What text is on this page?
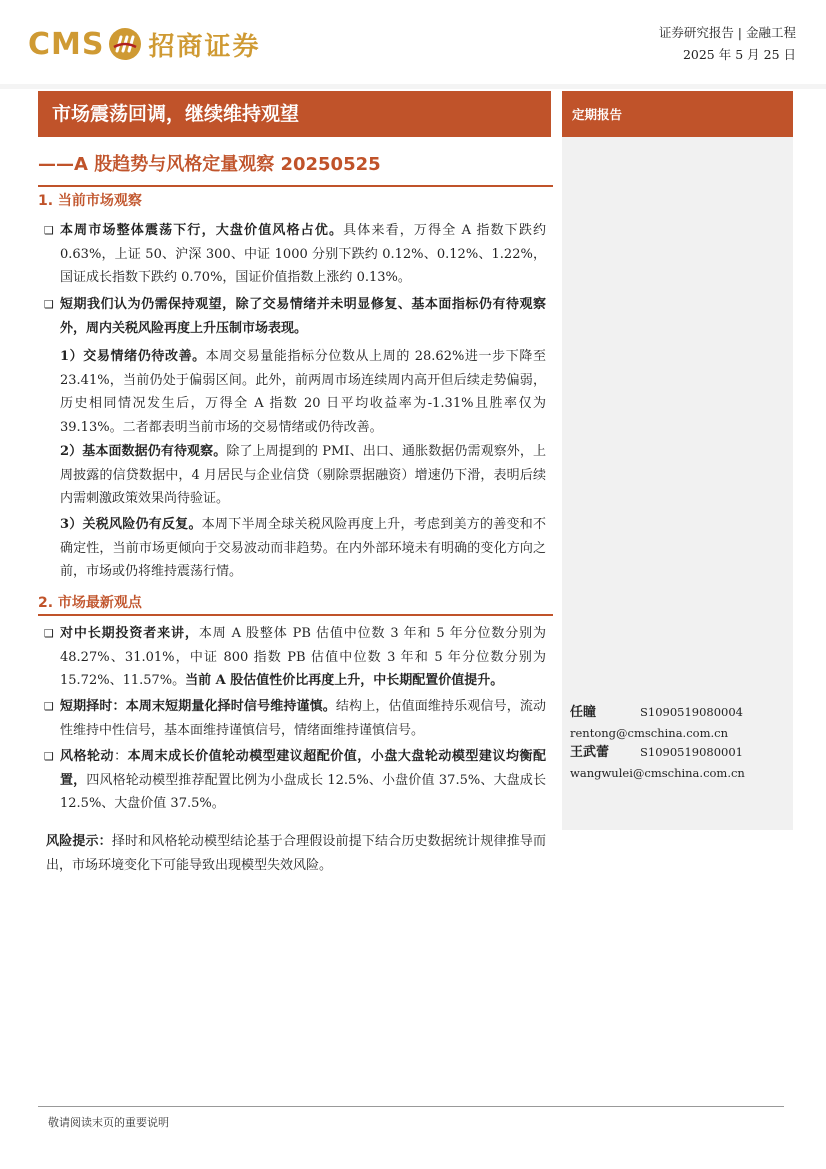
CMS 招商证券	证券研究报告 | 金融工程
2025 年 5 月 25 日
市场震荡回调，继续维持观望	定期报告
——A 股趋势与风格定量观察 20250525
1. 当前市场观察
❑ 本周市场整体震荡下行，大盘价值风格占优。具体来看，万得全 A 指数下跌约 0.63%，上证 50、沪深 300、中证 1000 分别下跌约 0.12%、0.12%、1.22%，国证成长指数下跌约 0.70%，国证价值指数上涨约 0.13%。
❑ 短期我们认为仍需保持观望，除了交易情绪并未明显修复、基本面指标仍有待观察外，周内关税风险再度上升压制市场表现。
1）交易情绪仍待改善。本周交易量能指标分位数从上周的 28.62%进一步下降至 23.41%，当前仍处于偏弱区间。此外，前两周市场连续周内高开但后续走势偏弱，历史相同情况发生后，万得全 A 指数 20 日平均收益率为-1.31%且胜率仅为 39.13%。二者都表明当前市场的交易情绪或仍待改善。
2）基本面数据仍有待观察。除了上周提到的 PMI、出口、通胀数据仍需观察外，上周披露的信贷数据中，4 月居民与企业信贷（剔除票据融资）增速仍下滑，表明后续内需刺激政策效果尚待验证。
3）关税风险仍有反复。本周下半周全球关税风险再度上升，考虑到美方的善变和不确定性，当前市场更倾向于交易波动而非趋势。在内外部环境未有明确的变化方向之前，市场或仍将维持震荡行情。
2. 市场最新观点
❑ 对中长期投资者来讲，本周 A 股整体 PB 估值中位数 3 年和 5 年分位数分别为 48.27%、31.01%，中证 800 指数 PB 估值中位数 3 年和 5 年分位数分别为 15.72%、11.57%。当前 A 股估值性价比再度上升，中长期配置价值提升。
❑ 短期择时：本周末短期量化择时信号维持谨慎。结构上，估值面维持乐观信号，流动性维持中性信号，基本面维持谨慎信号，情绪面维持谨慎信号。
❑ 风格轮动：本周末成长价值轮动模型建议超配价值，小盘大盘轮动模型建议均衡配置，四风格轮动模型推荐配置比例为小盘成长 12.5%、小盘价值 37.5%、大盘成长 12.5%、大盘价值 37.5%。
风险提示：择时和风格轮动模型结论基于合理假设前提下结合历史数据统计规律推导而出，市场环境变化下可能导致出现模型失效风险。
任瞳	S1090519080004
rentong@cmschina.com.cn
王武蕾	S1090519080001
wangwulei@cmschina.com.cn
敬请阅读末页的重要说明
